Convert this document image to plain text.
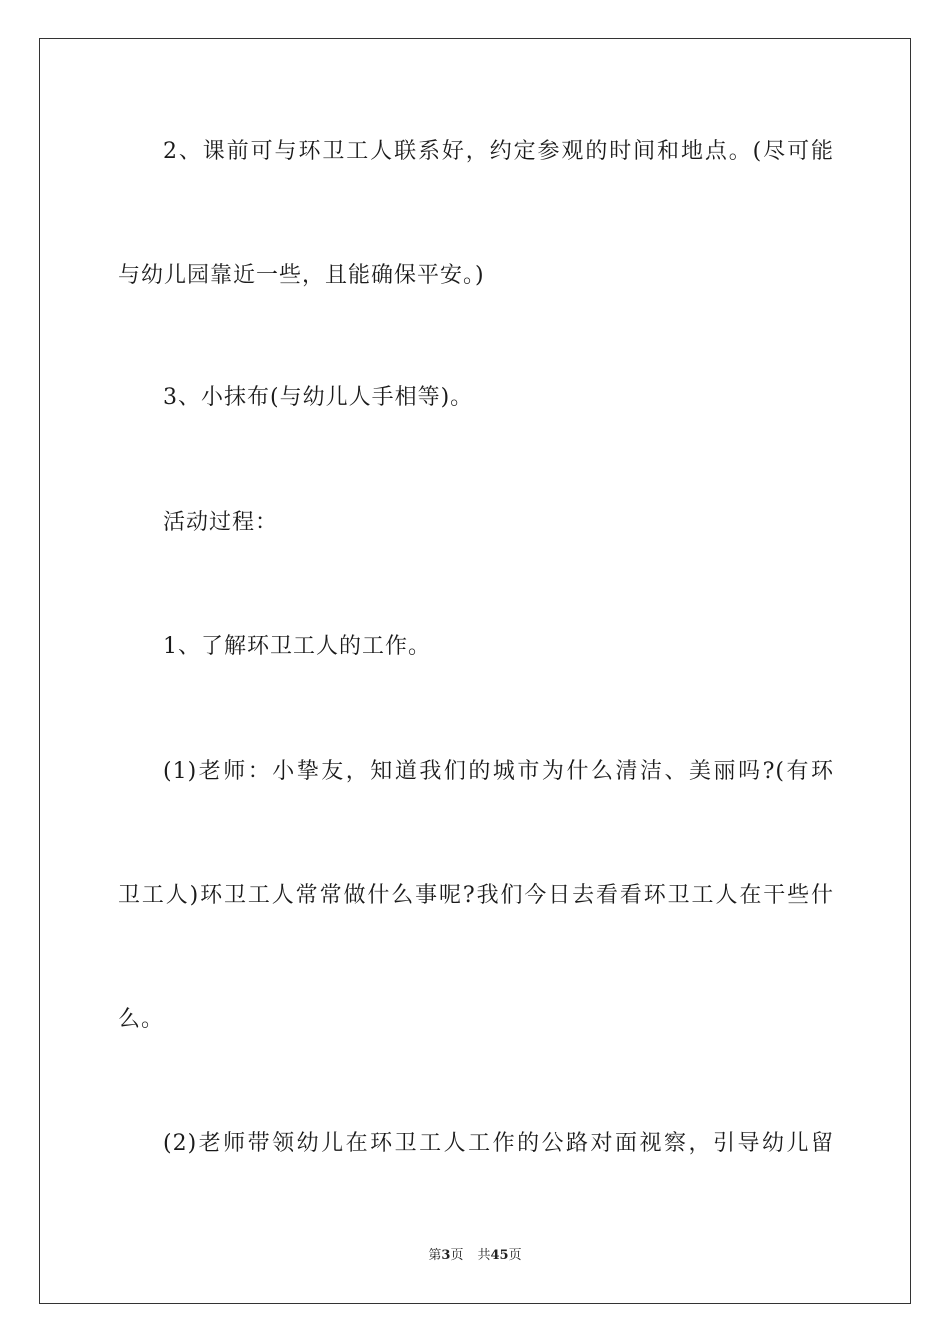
2、课前可与环卫工人联系好，约定参观的时间和地点。(尽可能
与幼儿园靠近一些，且能确保平安。)
3、小抹布(与幼儿人手相等)。
活动过程：
1、了解环卫工人的工作。
(1)老师：小挚友，知道我们的城市为什么清洁、美丽吗?(有环
卫工人)环卫工人常常做什么事呢?我们今日去看看环卫工人在干些什
么。
(2)老师带领幼儿在环卫工人工作的公路对面视察，引导幼儿留
第3页 共45页
